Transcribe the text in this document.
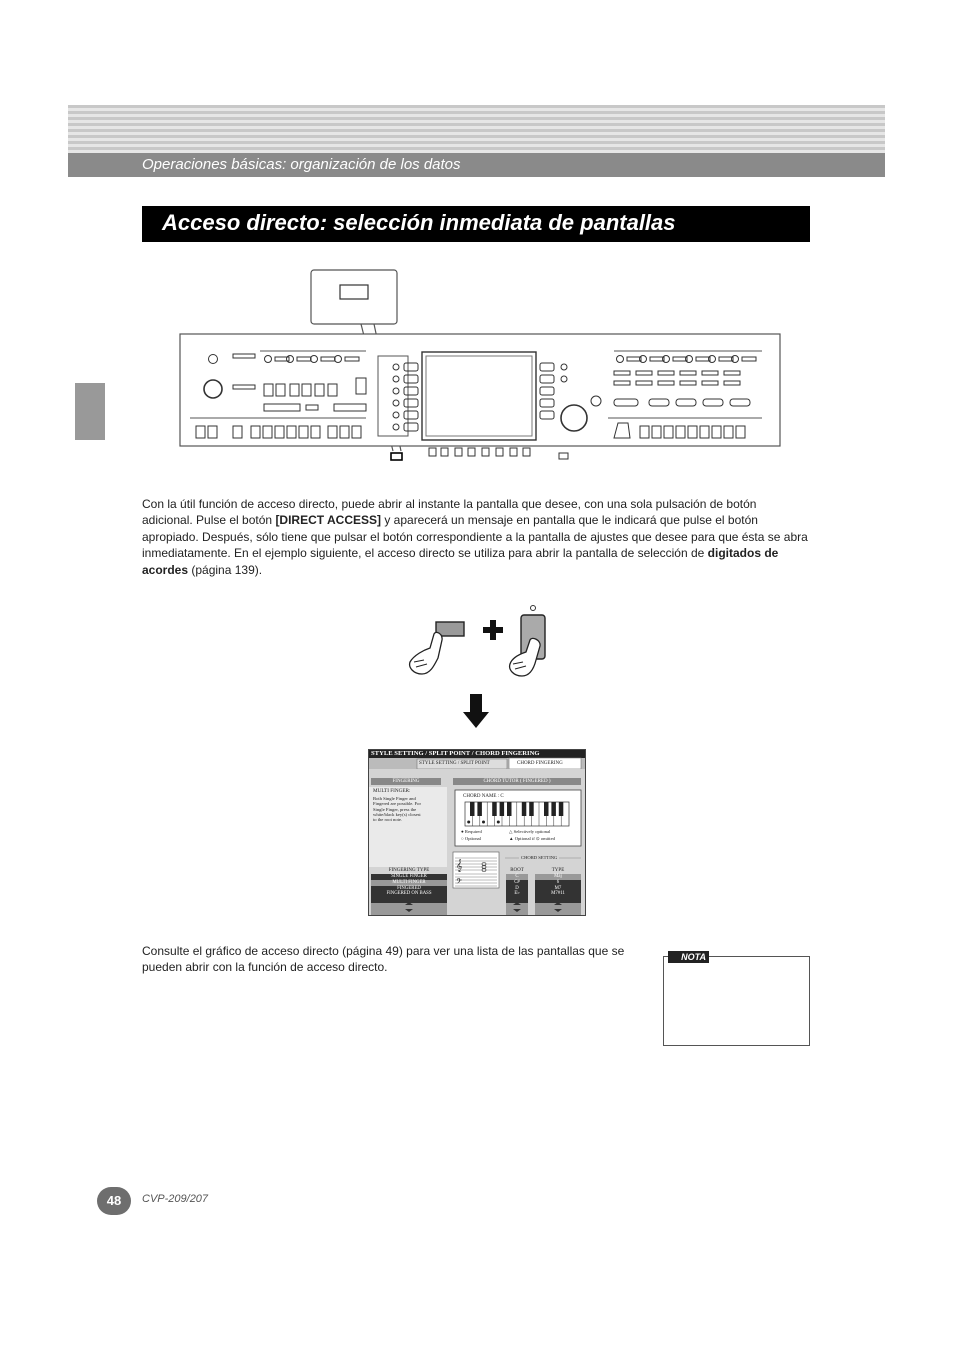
Operaciones básicas: organización de los datos
Acceso directo: selección inmediata de pantallas
Con la útil función de acceso directo, puede abrir al instante la pantalla que desee, con una sola pulsación de botón adicional. Pulse el botón [DIRECT ACCESS] y aparecerá un mensaje en pantalla que le indicará que pulse el botón apropiado. Después, sólo tiene que pulsar el botón correspondiente a la pantalla de ajustes que desee para que ésta se abra inmediatamente. En el ejemplo siguiente, el acceso directo se utiliza para abrir la pantalla de selección de digitados de acordes (página 139).
𝄞
𝄢
STYLE SETTING / SPLIT POINT / CHORD FINGERING
STYLE SETTING / SPLIT POINT	CHORD FINGERING
FINGERING	CHORD TUTOR ( FINGERED )
MULTI FINGER:
Both Single Finger and
Fingered are possible. For
Single Finger, press the
white/black key(s) closest
to the root note.
CHORD NAME : C
● Required
○ Optional
△ Selectively optional
▲ Optional if ⊙ omitted
CHORD SETTING
FINGERING TYPE
SINGLE FINGER
MULTI FINGER
FINGERED
FINGERED ON BASS
ROOT
C
C#
D
E♭
TYPE
Maj
6
M7
M7#11
Consulte el gráfico de acceso directo (página 49) para ver una lista de las pantallas que se pueden abrir con la función de acceso directo.
NOTA
48	CVP-209/207
